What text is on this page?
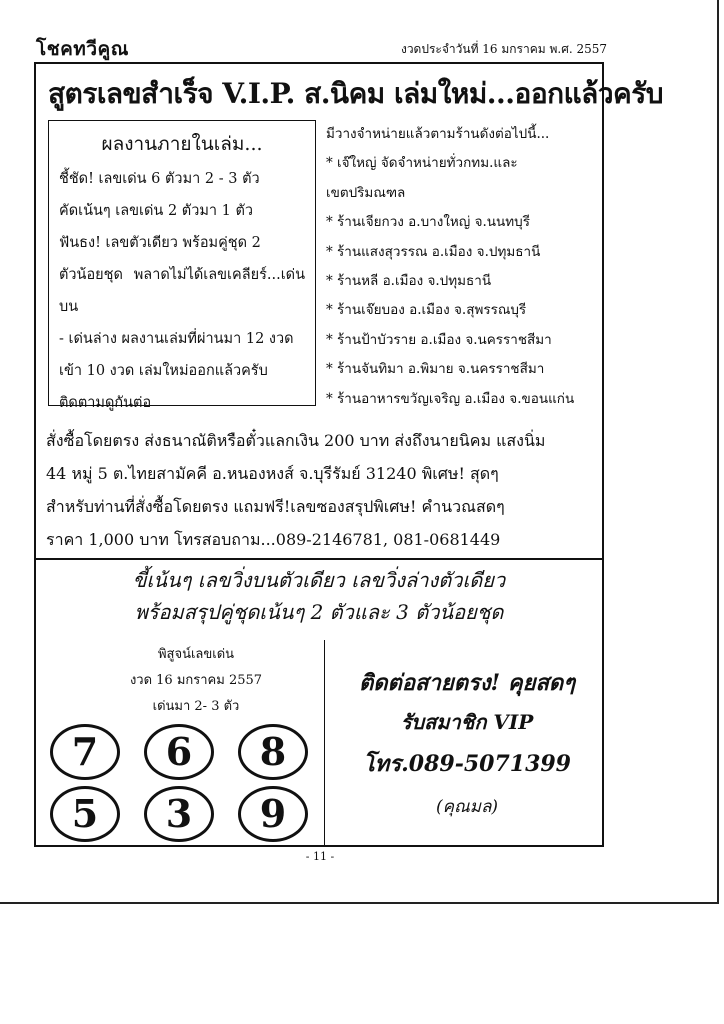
โชคทวีคูณ	งวดประจำวันที่ 16 มกราคม พ.ศ. 2557
สูตรเลขสำเร็จ V.I.P. ส.นิคม เล่มใหม่...ออกแล้วครับ
ผลงานภายในเล่ม...
ชี้ชัด! เลขเด่น 6 ตัวมา 2 - 3 ตัว
คัดเน้นๆ เลขเด่น 2 ตัวมา 1 ตัว
ฟันธง! เลขตัวเดียว พร้อมคู่ชุด 2
ตัวน้อยชุด พลาดไม่ได้เลขเคลียร์...เด่นบน
- เด่นล่าง ผลงานเล่มที่ผ่านมา 12 งวด
เข้า 10 งวด เล่มใหม่ออกแล้วครับ
ติดตามดูกันต่อ
มีวางจำหน่ายแล้วตามร้านดังต่อไปนี้...
* เจ๊ใหญ่ จัดจำหน่ายทั่วกทม.และ
เขตปริมณฑล
* ร้านเจียกวง อ.บางใหญ่ จ.นนทบุรี
* ร้านแสงสุวรรณ อ.เมือง จ.ปทุมธานี
* ร้านหลี อ.เมือง จ.ปทุมธานี
* ร้านเจ๊ยบอง อ.เมือง จ.สุพรรณบุรี
* ร้านป้าบัวราย อ.เมือง จ.นครราชสีมา
* ร้านจันทิมา อ.พิมาย จ.นครราชสีมา
* ร้านอาหารขวัญเจริญ อ.เมือง จ.ขอนแก่น
สั่งซื้อโดยตรง ส่งธนาณัติหรือตั๋วแลกเงิน 200 บาท ส่งถึงนายนิคม แสงนิ่ม
44 หมู่ 5 ต.ไทยสามัคคี อ.หนองหงส์ จ.บุรีรัมย์ 31240 พิเศษ! สุดๆ
สำหรับท่านที่สั่งซื้อโดยตรง แถมฟรี!เลขซองสรุปพิเศษ! คำนวณสดๆ
ราคา 1,000 บาท โทรสอบถาม...089-2146781, 081-0681449
ขี้เน้นๆ เลขวิ่งบนตัวเดียว เลขวิ่งล่างตัวเดียว
พร้อมสรุปคู่ชุดเน้นๆ 2 ตัวและ 3 ตัวน้อยชุด
พิสูจน์เลขเด่น
งวด 16 มกราคม 2557
เด่นมา 2- 3 ตัว
7	6	8
5	3	9
ติดต่อสายตรง! คุยสดๆ
รับสมาชิก VIP
โทร.089-5071399
(คุณมล)
- 11 -
